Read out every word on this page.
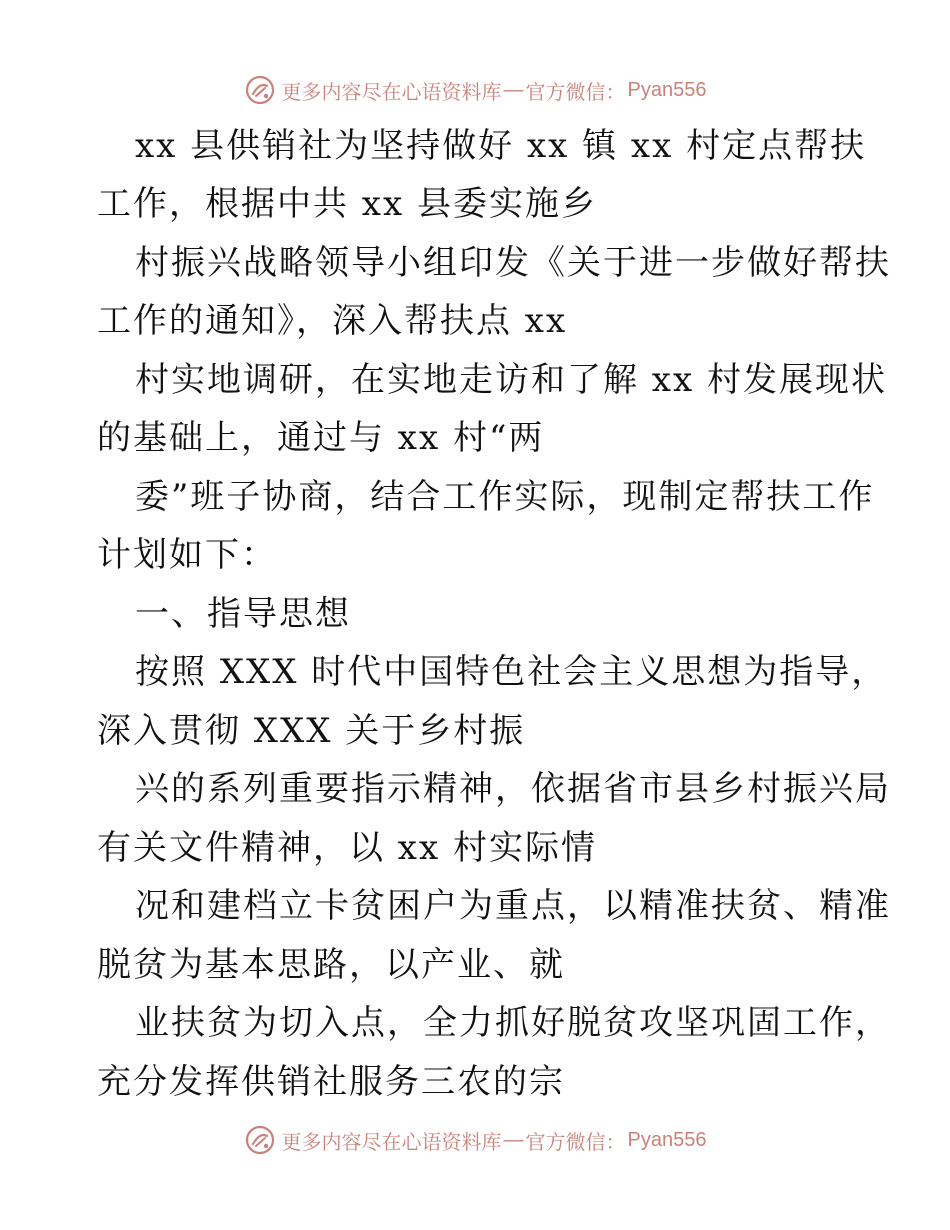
更多内容尽在心语资料库 — 官方微信： Pyan556
xx 县供销社为坚持做好 xx 镇 xx 村定点帮扶
工作，根据中共 xx 县委实施乡
村振兴战略领导小组印发《关于进一步做好帮扶
工作的通知》，深入帮扶点 xx
村实地调研，在实地走访和了解 xx 村发展现状
的基础上，通过与 xx 村“两
委”班子协商，结合工作实际，现制定帮扶工作
计划如下：
一、指导思想
按照 XXX 时代中国特色社会主义思想为指导，
深入贯彻 XXX 关于乡村振
兴的系列重要指示精神，依据省市县乡村振兴局
有关文件精神，以 xx 村实际情
况和建档立卡贫困户为重点，以精准扶贫、精准
脱贫为基本思路，以产业、就
业扶贫为切入点，全力抓好脱贫攻坚巩固工作，
充分发挥供销社服务三农的宗
更多内容尽在心语资料库 — 官方微信： Pyan556
